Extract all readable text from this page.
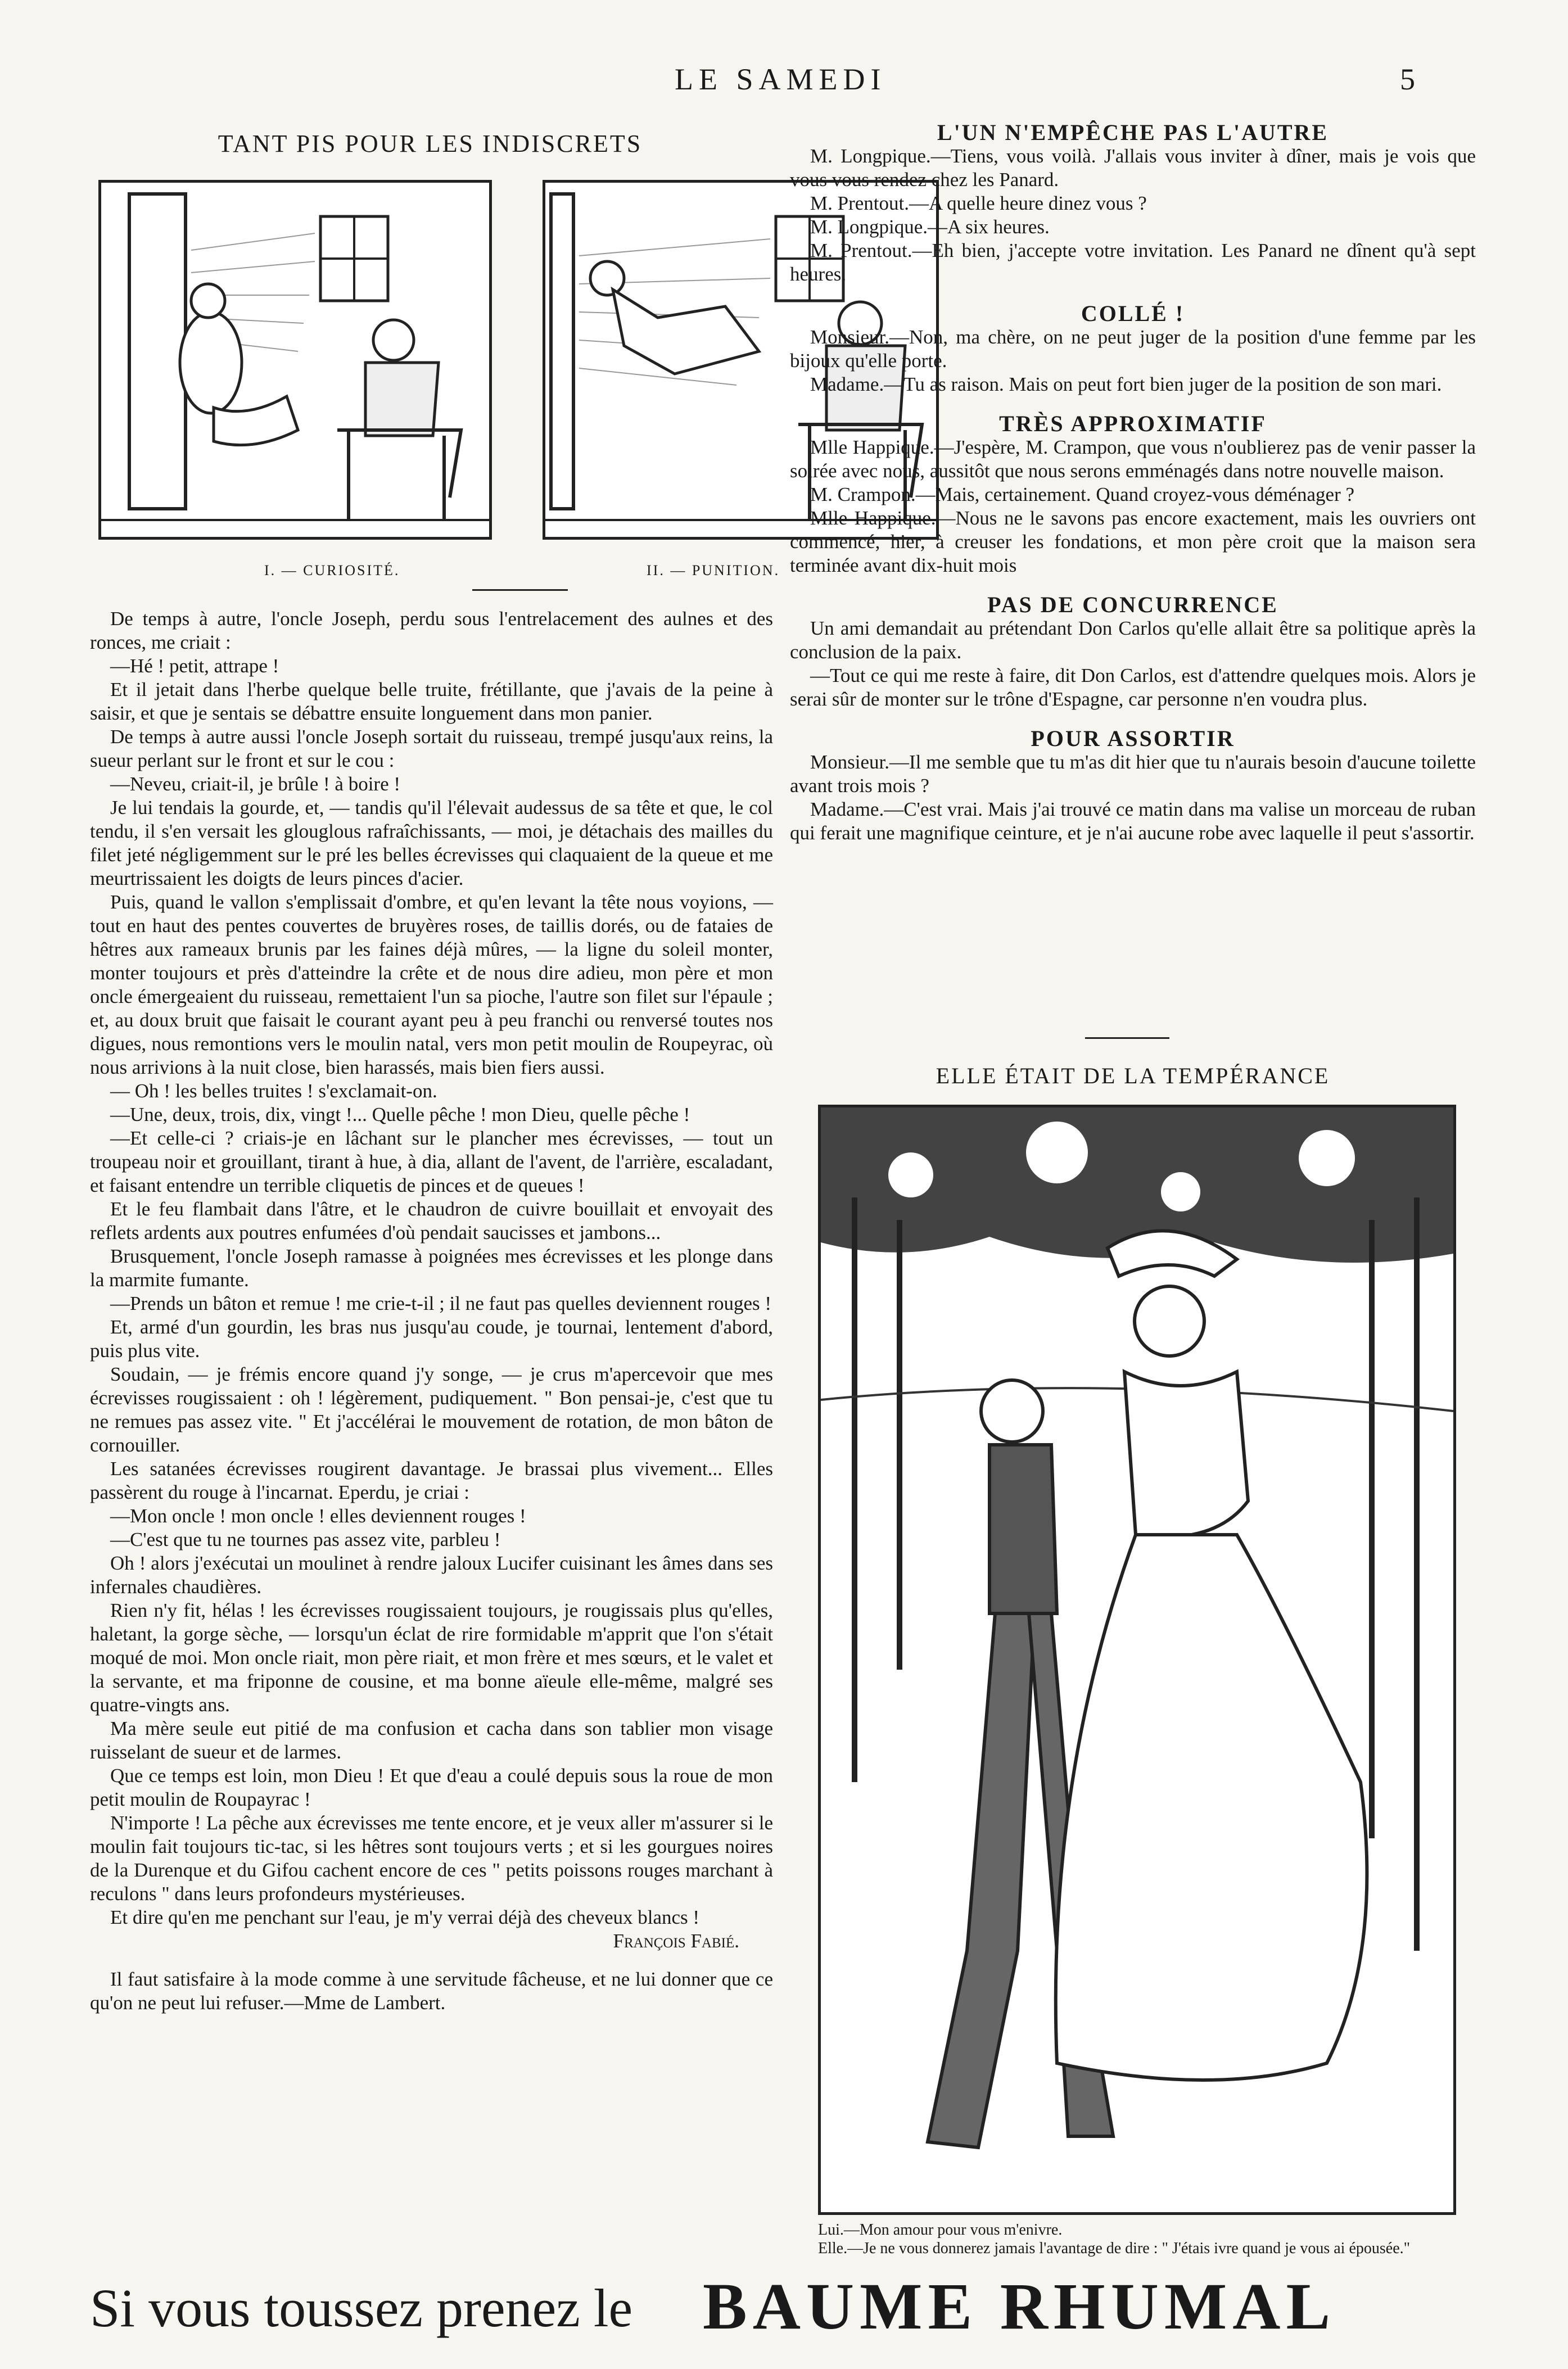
LE SAMEDI	5
TANT PIS POUR LES INDISCRETS
I. — CURIOSITÉ.	II. — PUNITION.

De temps à autre, l'oncle Joseph, perdu sous l'entrelacement des aulnes et des ronces, me criait :

—Hé ! petit, attrape !

Et il jetait dans l'herbe quelque belle truite, frétillante, que j'avais de la peine à saisir, et que je sentais se débattre ensuite longuement dans mon panier.

De temps à autre aussi l'oncle Joseph sortait du ruisseau, trempé jusqu'aux reins, la sueur perlant sur le front et sur le cou :

—Neveu, criait-il, je brûle ! à boire !

Je lui tendais la gourde, et, — tandis qu'il l'élevait audessus de sa tête et que, le col tendu, il s'en versait les glouglous rafraîchissants, — moi, je détachais des mailles du filet jeté négligemment sur le pré les belles écrevisses qui claquaient de la queue et me meurtrissaient les doigts de leurs pinces d'acier.

Puis, quand le vallon s'emplissait d'ombre, et qu'en levant la tête nous voyions, — tout en haut des pentes couvertes de bruyères roses, de taillis dorés, ou de fataies de hêtres aux rameaux brunis par les faines déjà mûres, — la ligne du soleil monter, monter toujours et près d'atteindre la crête et de nous dire adieu, mon père et mon oncle émergeaient du ruisseau, remettaient l'un sa pioche, l'autre son filet sur l'épaule ; et, au doux bruit que faisait le courant ayant peu à peu franchi ou renversé toutes nos digues, nous remontions vers le moulin natal, vers mon petit moulin de Roupeyrac, où nous arrivions à la nuit close, bien harassés, mais bien fiers aussi.

— Oh ! les belles truites ! s'exclamait-on.

—Une, deux, trois, dix, vingt !... Quelle pêche ! mon Dieu, quelle pêche !

—Et celle-ci ? criais-je en lâchant sur le plancher mes écrevisses, — tout un troupeau noir et grouillant, tirant à hue, à dia, allant de l'avent, de l'arrière, escaladant, et faisant entendre un terrible cliquetis de pinces et de queues !

Et le feu flambait dans l'âtre, et le chaudron de cuivre bouillait et envoyait des reflets ardents aux poutres enfumées d'où pendait saucisses et jambons...

Brusquement, l'oncle Joseph ramasse à poignées mes écrevisses et les plonge dans la marmite fumante.

—Prends un bâton et remue ! me crie-t-il ; il ne faut pas quelles deviennent rouges !

Et, armé d'un gourdin, les bras nus jusqu'au coude, je tournai, lentement d'abord, puis plus vite.

Soudain, — je frémis encore quand j'y songe, — je crus m'apercevoir que mes écrevisses rougissaient : oh ! légèrement, pudiquement. " Bon pensai-je, c'est que tu ne remues pas assez vite. " Et j'accélérai le mouvement de rotation, de mon bâton de cornouiller.

Les satanées écrevisses rougirent davantage. Je brassai plus vivement... Elles passèrent du rouge à l'incarnat. Eperdu, je criai :

—Mon oncle ! mon oncle ! elles deviennent rouges !

—C'est que tu ne tournes pas assez vite, parbleu !

Oh ! alors j'exécutai un moulinet à rendre jaloux Lucifer cuisinant les âmes dans ses infernales chaudières.

Rien n'y fit, hélas ! les écrevisses rougissaient toujours, je rougissais plus qu'elles, haletant, la gorge sèche, — lorsqu'un éclat de rire formidable m'apprit que l'on s'était moqué de moi. Mon oncle riait, mon père riait, et mon frère et mes sœurs, et le valet et la servante, et ma friponne de cousine, et ma bonne aïeule elle-même, malgré ses quatre-vingts ans.

Ma mère seule eut pitié de ma confusion et cacha dans son tablier mon visage ruisselant de sueur et de larmes.

Que ce temps est loin, mon Dieu ! Et que d'eau a coulé depuis sous la roue de mon petit moulin de Roupayrac !

N'importe ! La pêche aux écrevisses me tente encore, et je veux aller m'assurer si le moulin fait toujours tic-tac, si les hêtres sont toujours verts ; et si les gourgues noires de la Durenque et du Gifou cachent encore de ces " petits poissons rouges marchant à reculons " dans leurs profondeurs mystérieuses.

Et dire qu'en me penchant sur l'eau, je m'y verrai déjà des cheveux blancs !

François Fabié.

Il faut satisfaire à la mode comme à une servitude fâcheuse, et ne lui donner que ce qu'on ne peut lui refuser.—Mme de Lambert.

L'UN N'EMPÊCHE PAS L'AUTRE

M. Longpique.—Tiens, vous voilà. J'allais vous inviter à dîner, mais je vois que vous vous rendez chez les Panard.

M. Prentout.—A quelle heure dinez vous ?

M. Longpique.—A six heures.

M. Prentout.—Eh bien, j'accepte votre invitation. Les Panard ne dînent qu'à sept heures.

COLLÉ !

Monsieur.—Non, ma chère, on ne peut juger de la position d'une femme par les bijoux qu'elle porte.

Madame.—Tu as raison. Mais on peut fort bien juger de la position de son mari.

TRÈS APPROXIMATIF

Mlle Happique.—J'espère, M. Crampon, que vous n'oublierez pas de venir passer la soirée avec nous, aussitôt que nous serons emménagés dans notre nouvelle maison.

M. Crampon.—Mais, certainement. Quand croyez-vous déménager ?

Mlle Happique.—Nous ne le savons pas encore exactement, mais les ouvriers ont commencé, hier, à creuser les fondations, et mon père croit que la maison sera terminée avant dix-huit mois

PAS DE CONCURRENCE

Un ami demandait au prétendant Don Carlos qu'elle allait être sa politique après la conclusion de la paix.

—Tout ce qui me reste à faire, dit Don Carlos, est d'attendre quelques mois. Alors je serai sûr de monter sur le trône d'Espagne, car personne n'en voudra plus.

POUR ASSORTIR

Monsieur.—Il me semble que tu m'as dit hier que tu n'aurais besoin d'aucune toilette avant trois mois ?

Madame.—C'est vrai. Mais j'ai trouvé ce matin dans ma valise un morceau de ruban qui ferait une magnifique ceinture, et je n'ai aucune robe avec laquelle il peut s'assortir.

ELLE ÉTAIT DE LA TEMPÉRANCE
Lui.—Mon amour pour vous m'enivre.
Elle.—Je ne vous donnerez jamais l'avantage de dire : " J'étais ivre quand je vous ai épousée."
Si vous toussez prenez le BAUME RHUMAL
